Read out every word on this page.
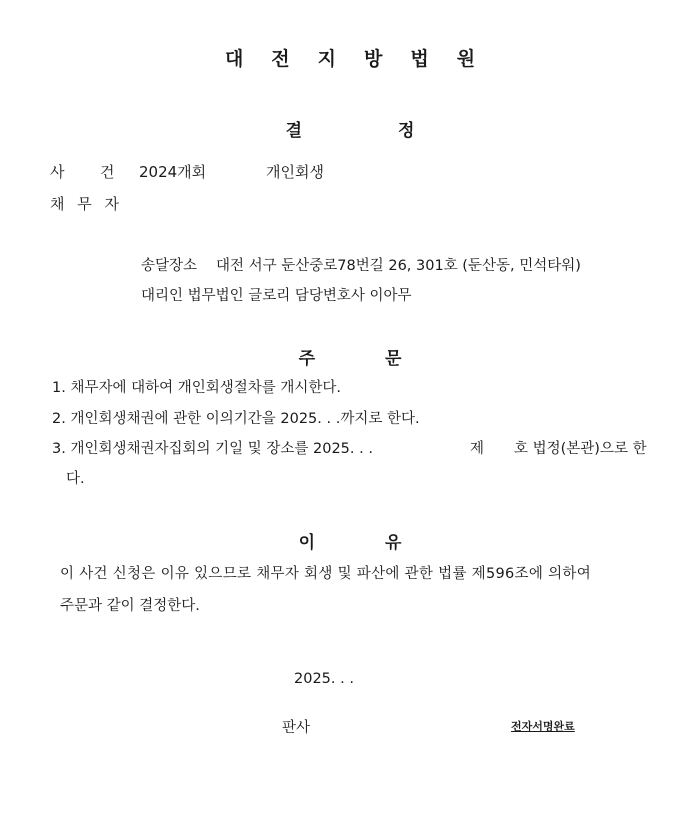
대전지방법원
결	정
사 건 2024개회	개인회생
채 무 자
송달장소 대전 서구 둔산중로78번길 26, 301호 (둔산동, 민석타워)
대리인 법무법인 글로리 담당변호사 이아무
주	문
1. 채무자에 대하여 개인회생절차를 개시한다.
2. 개인회생채권에 관한 이의기간을 2025. . .까지로 한다.
3. 개인회생채권자집회의 기일 및 장소를 2025. . .	제 호 법정(본관)으로 한
다.
이	유
이 사건 신청은 이유 있으므로 채무자 회생 및 파산에 관한 법률 제596조에 의하여
주문과 같이 결정한다.
2025. . .
판사	전자서명완료
